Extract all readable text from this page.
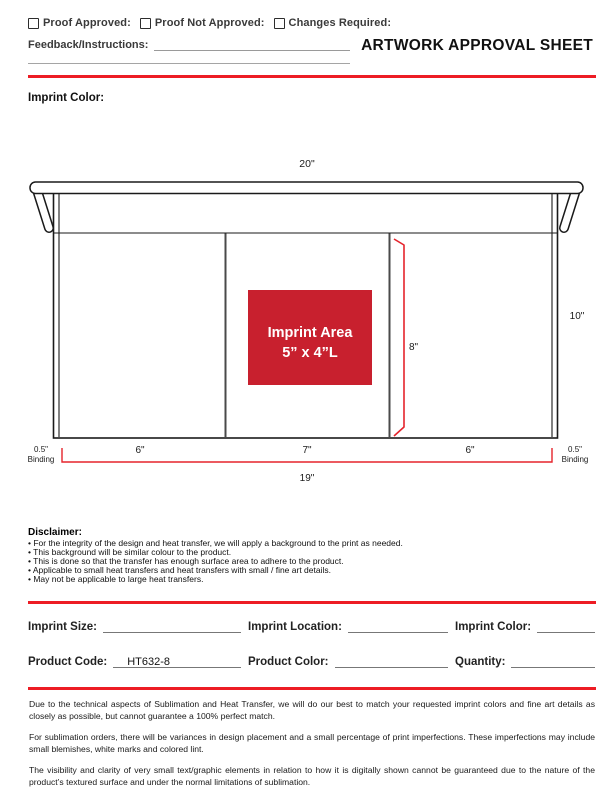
Proof Approved: Proof Not Approved: Changes Required:
Feedback/Instructions:	ARTWORK APPROVAL SHEET
Imprint Color:
20"
Imprint Area
5” x 4”L	8"
10"
0.5"
Binding
6"	7"	6"	0.5"
Binding
19"
Disclaimer:
• For the integrity of the design and heat transfer, we will apply a background to the print as needed.
• This background will be similar colour to the product.
• This is done so that the transfer has enough surface area to adhere to the product.
• Applicable to small heat transfers and heat transfers with small / fine art details.
• May not be applicable to large heat transfers.
Imprint Size:	Imprint Location:	Imprint Color:
Product Code:	HT632-8	Product Color:	Quantity:

Due to the technical aspects of Sublimation and Heat Transfer, we will do our best to match your requested imprint colors and fine art details as closely as possible, but cannot guarantee a 100% perfect match.

For sublimation orders, there will be variances in design placement and a small percentage of print imperfections. These imperfections may include small blemishes, white marks and colored lint.

The visibility and clarity of very small text/graphic elements in relation to how it is digitally shown cannot be guaranteed due to the nature of the product’s textured surface and under the normal limitations of sublimation.
